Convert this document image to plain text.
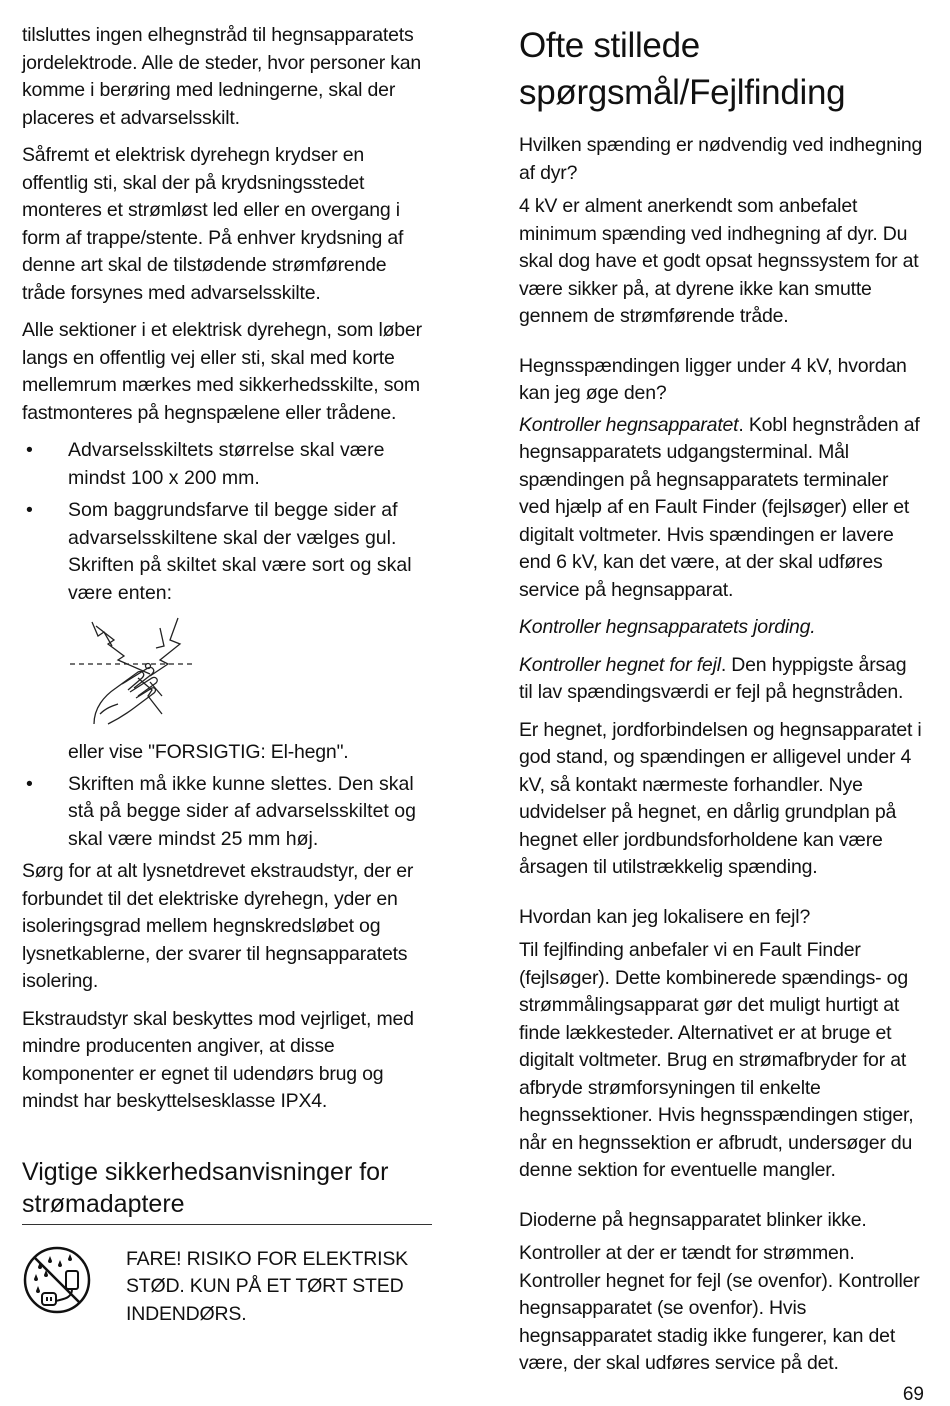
tilsluttes ingen elhegnstråd til hegnsapparatets jordelektrode. Alle de steder, hvor personer kan komme i berøring med ledningerne, skal der placeres et advarselsskilt.

Såfremt et elektrisk dyrehegn krydser en offentlig sti, skal der på krydsningsstedet monteres et strømløst led eller en overgang i form af trappe/stente. På enhver krydsning af denne art skal de tilstødende strømførende tråde forsynes med advarselsskilte.

Alle sektioner i et elektrisk dyrehegn, som løber langs en offentlig vej eller sti, skal med korte mellemrum mærkes med sikkerhedsskilte, som fastmonteres på hegnspælene eller trådene.

• Advarselsskiltets størrelse skal være mindst 100 x 200 mm.
• Som baggrundsfarve til begge sider af advarselsskiltene skal der vælges gul. Skriften på skiltet skal være sort og skal være enten:

eller vise "FORSIGTIG: El-hegn".

• Skriften må ikke kunne slettes. Den skal stå på begge sider af advarselsskiltet og skal være mindst 25 mm høj.

Sørg for at alt lysnetdrevet ekstraudstyr, der er forbundet til det elektriske dyrehegn, yder en isoleringsgrad mellem hegnskredsløbet og lysnetkablerne, der svarer til hegnsapparatets isolering.

Ekstraudstyr skal beskyttes mod vejrliget, med mindre producenten angiver, at disse komponenter er egnet til udendørs brug og mindst har beskyttelsesklasse IPX4.

Vigtige sikkerhedsanvisninger for strømadaptere

FARE! RISIKO FOR ELEKTRISK STØD. KUN PÅ ET TØRT STED INDENDØRS.

Ofte stillede spørgsmål/Fejlfinding

Hvilken spænding er nødvendig ved indhegning af dyr?

4 kV er alment anerkendt som anbefalet minimum spænding ved indhegning af dyr. Du skal dog have et godt opsat hegnssystem for at være sikker på, at dyrene ikke kan smutte gennem de strømførende tråde.

Hegnsspændingen ligger under 4 kV, hvordan kan jeg øge den?

Kontroller hegnsapparatet. Kobl hegnstråden af hegnsapparatets udgangsterminal. Mål spændingen på hegnsapparatets terminaler ved hjælp af en Fault Finder (fejlsøger) eller et digitalt voltmeter. Hvis spændingen er lavere end 6 kV, kan det være, at der skal udføres service på hegnsapparat.

Kontroller hegnsapparatets jording.

Kontroller hegnet for fejl. Den hyppigste årsag til lav spændingsværdi er fejl på hegnstråden.

Er hegnet, jordforbindelsen og hegnsapparatet i god stand, og spændingen er alligevel under 4 kV, så kontakt nærmeste forhandler. Nye udvidelser på hegnet, en dårlig grundplan på hegnet eller jordbundsforholdene kan være årsagen til utilstrækkelig spænding.

Hvordan kan jeg lokalisere en fejl?

Til fejlfinding anbefaler vi en Fault Finder (fejlsøger). Dette kombinerede spændings- og strømmålingsapparat gør det muligt hurtigt at finde lækkesteder. Alternativet er at bruge et digitalt voltmeter. Brug en strømafbryder for at afbryde strømforsyningen til enkelte hegnssektioner. Hvis hegnsspændingen stiger, når en hegnssektion er afbrudt, undersøger du denne sektion for eventuelle mangler.

Dioderne på hegnsapparatet blinker ikke.

Kontroller at der er tændt for strømmen. Kontroller hegnet for fejl (se ovenfor). Kontroller hegnsapparatet (se ovenfor). Hvis hegnsapparatet stadig ikke fungerer, kan det være, der skal udføres service på det.

69
